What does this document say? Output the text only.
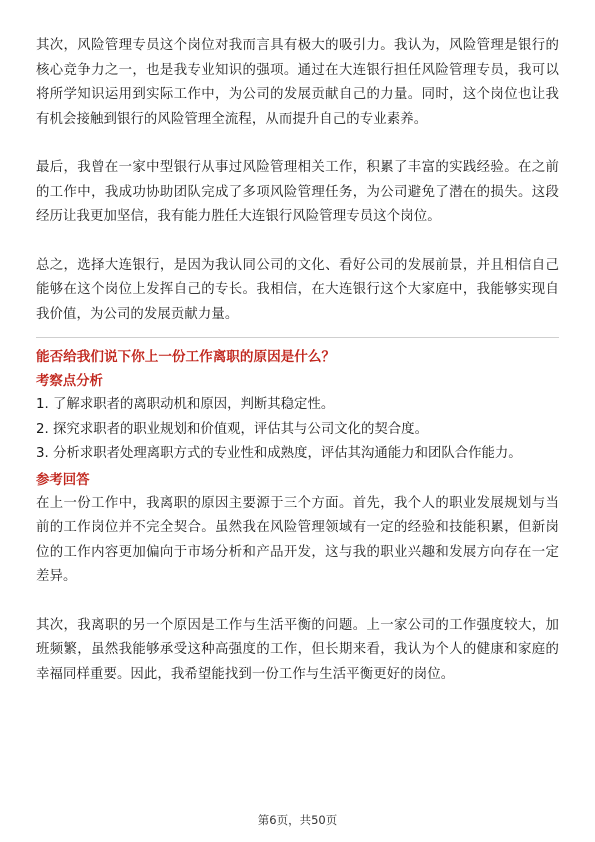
其次，风险管理专员这个岗位对我而言具有极大的吸引力。我认为，风险管理是银行的核心竞争力之一，也是我专业知识的强项。通过在大连银行担任风险管理专员，我可以将所学知识运用到实际工作中，为公司的发展贡献自己的力量。同时，这个岗位也让我有机会接触到银行的风险管理全流程，从而提升自己的专业素养。

最后，我曾在一家中型银行从事过风险管理相关工作，积累了丰富的实践经验。在之前的工作中，我成功协助团队完成了多项风险管理任务，为公司避免了潜在的损失。这段经历让我更加坚信，我有能力胜任大连银行风险管理专员这个岗位。

总之，选择大连银行，是因为我认同公司的文化、看好公司的发展前景，并且相信自己能够在这个岗位上发挥自己的专长。我相信，在大连银行这个大家庭中，我能够实现自我价值，为公司的发展贡献力量。

能否给我们说下你上一份工作离职的原因是什么？
考察点分析
1. 了解求职者的离职动机和原因，判断其稳定性。
2. 探究求职者的职业规划和价值观，评估其与公司文化的契合度。
3. 分析求职者处理离职方式的专业性和成熟度，评估其沟通能力和团队合作能力。
参考回答

在上一份工作中，我离职的原因主要源于三个方面。首先，我个人的职业发展规划与当前的工作岗位并不完全契合。虽然我在风险管理领域有一定的经验和技能积累，但新岗位的工作内容更加偏向于市场分析和产品开发，这与我的职业兴趣和发展方向存在一定差异。

其次，我离职的另一个原因是工作与生活平衡的问题。上一家公司的工作强度较大，加班频繁，虽然我能够承受这种高强度的工作，但长期来看，我认为个人的健康和家庭的幸福同样重要。因此，我希望能找到一份工作与生活平衡更好的岗位。

第6页，共50页
